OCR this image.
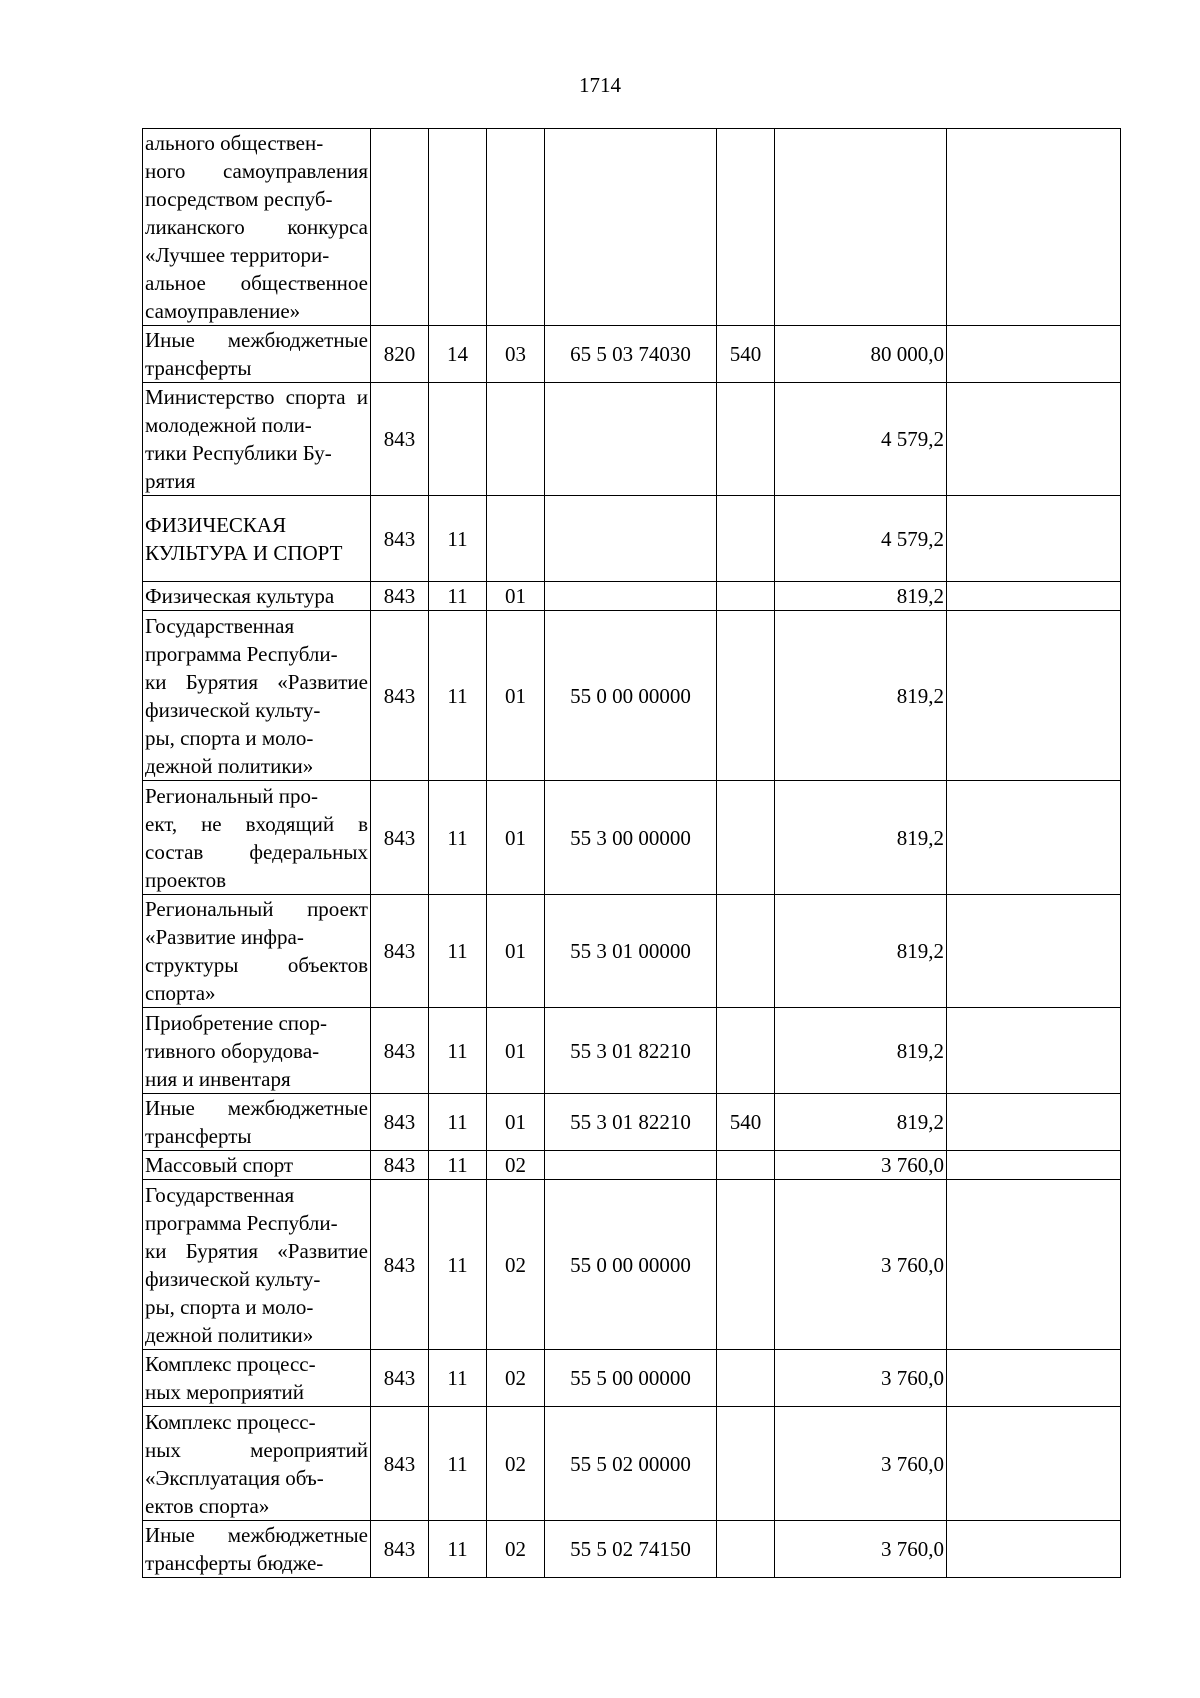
1714
ального обществен-
ного самоуправления посредством респуб-
ликанского конкурса «Лучшее территори-
альное общественное самоуправление»							
Иные межбюджетные трансферты	820	14	03	65 5 03 74030	540	80 000,0	
Министерство спорта и молодежной поли-
тики Республики Бу-
рятия	843					4 579,2	
ФИЗИЧЕСКАЯ КУЛЬТУРА И СПОРТ	843	11				4 579,2	
Физическая культура	843	11	01			819,2	
Государственная программа Республи-
ки Бурятия «Развитие физической культу-
ры, спорта и моло-
дежной политики»	843	11	01	55 0 00 00000		819,2	
Региональный про-
ект, не входящий в состав федеральных проектов	843	11	01	55 3 00 00000		819,2	
Региональный проект «Развитие инфра-
структуры объектов спорта»	843	11	01	55 3 01 00000		819,2	
Приобретение спор-
тивного оборудова-
ния и инвентаря	843	11	01	55 3 01 82210		819,2	
Иные межбюджетные трансферты	843	11	01	55 3 01 82210	540	819,2	
Массовый спорт	843	11	02			3 760,0	
Государственная программа Республи-
ки Бурятия «Развитие физической культу-
ры, спорта и моло-
дежной политики»	843	11	02	55 0 00 00000		3 760,0	
Комплекс процесс-
ных мероприятий	843	11	02	55 5 00 00000		3 760,0	
Комплекс процесс-
ных мероприятий «Эксплуатация объ-
ектов спорта»	843	11	02	55 5 02 00000		3 760,0	
Иные межбюджетные трансферты бюдже-	843	11	02	55 5 02 74150		3 760,0	
